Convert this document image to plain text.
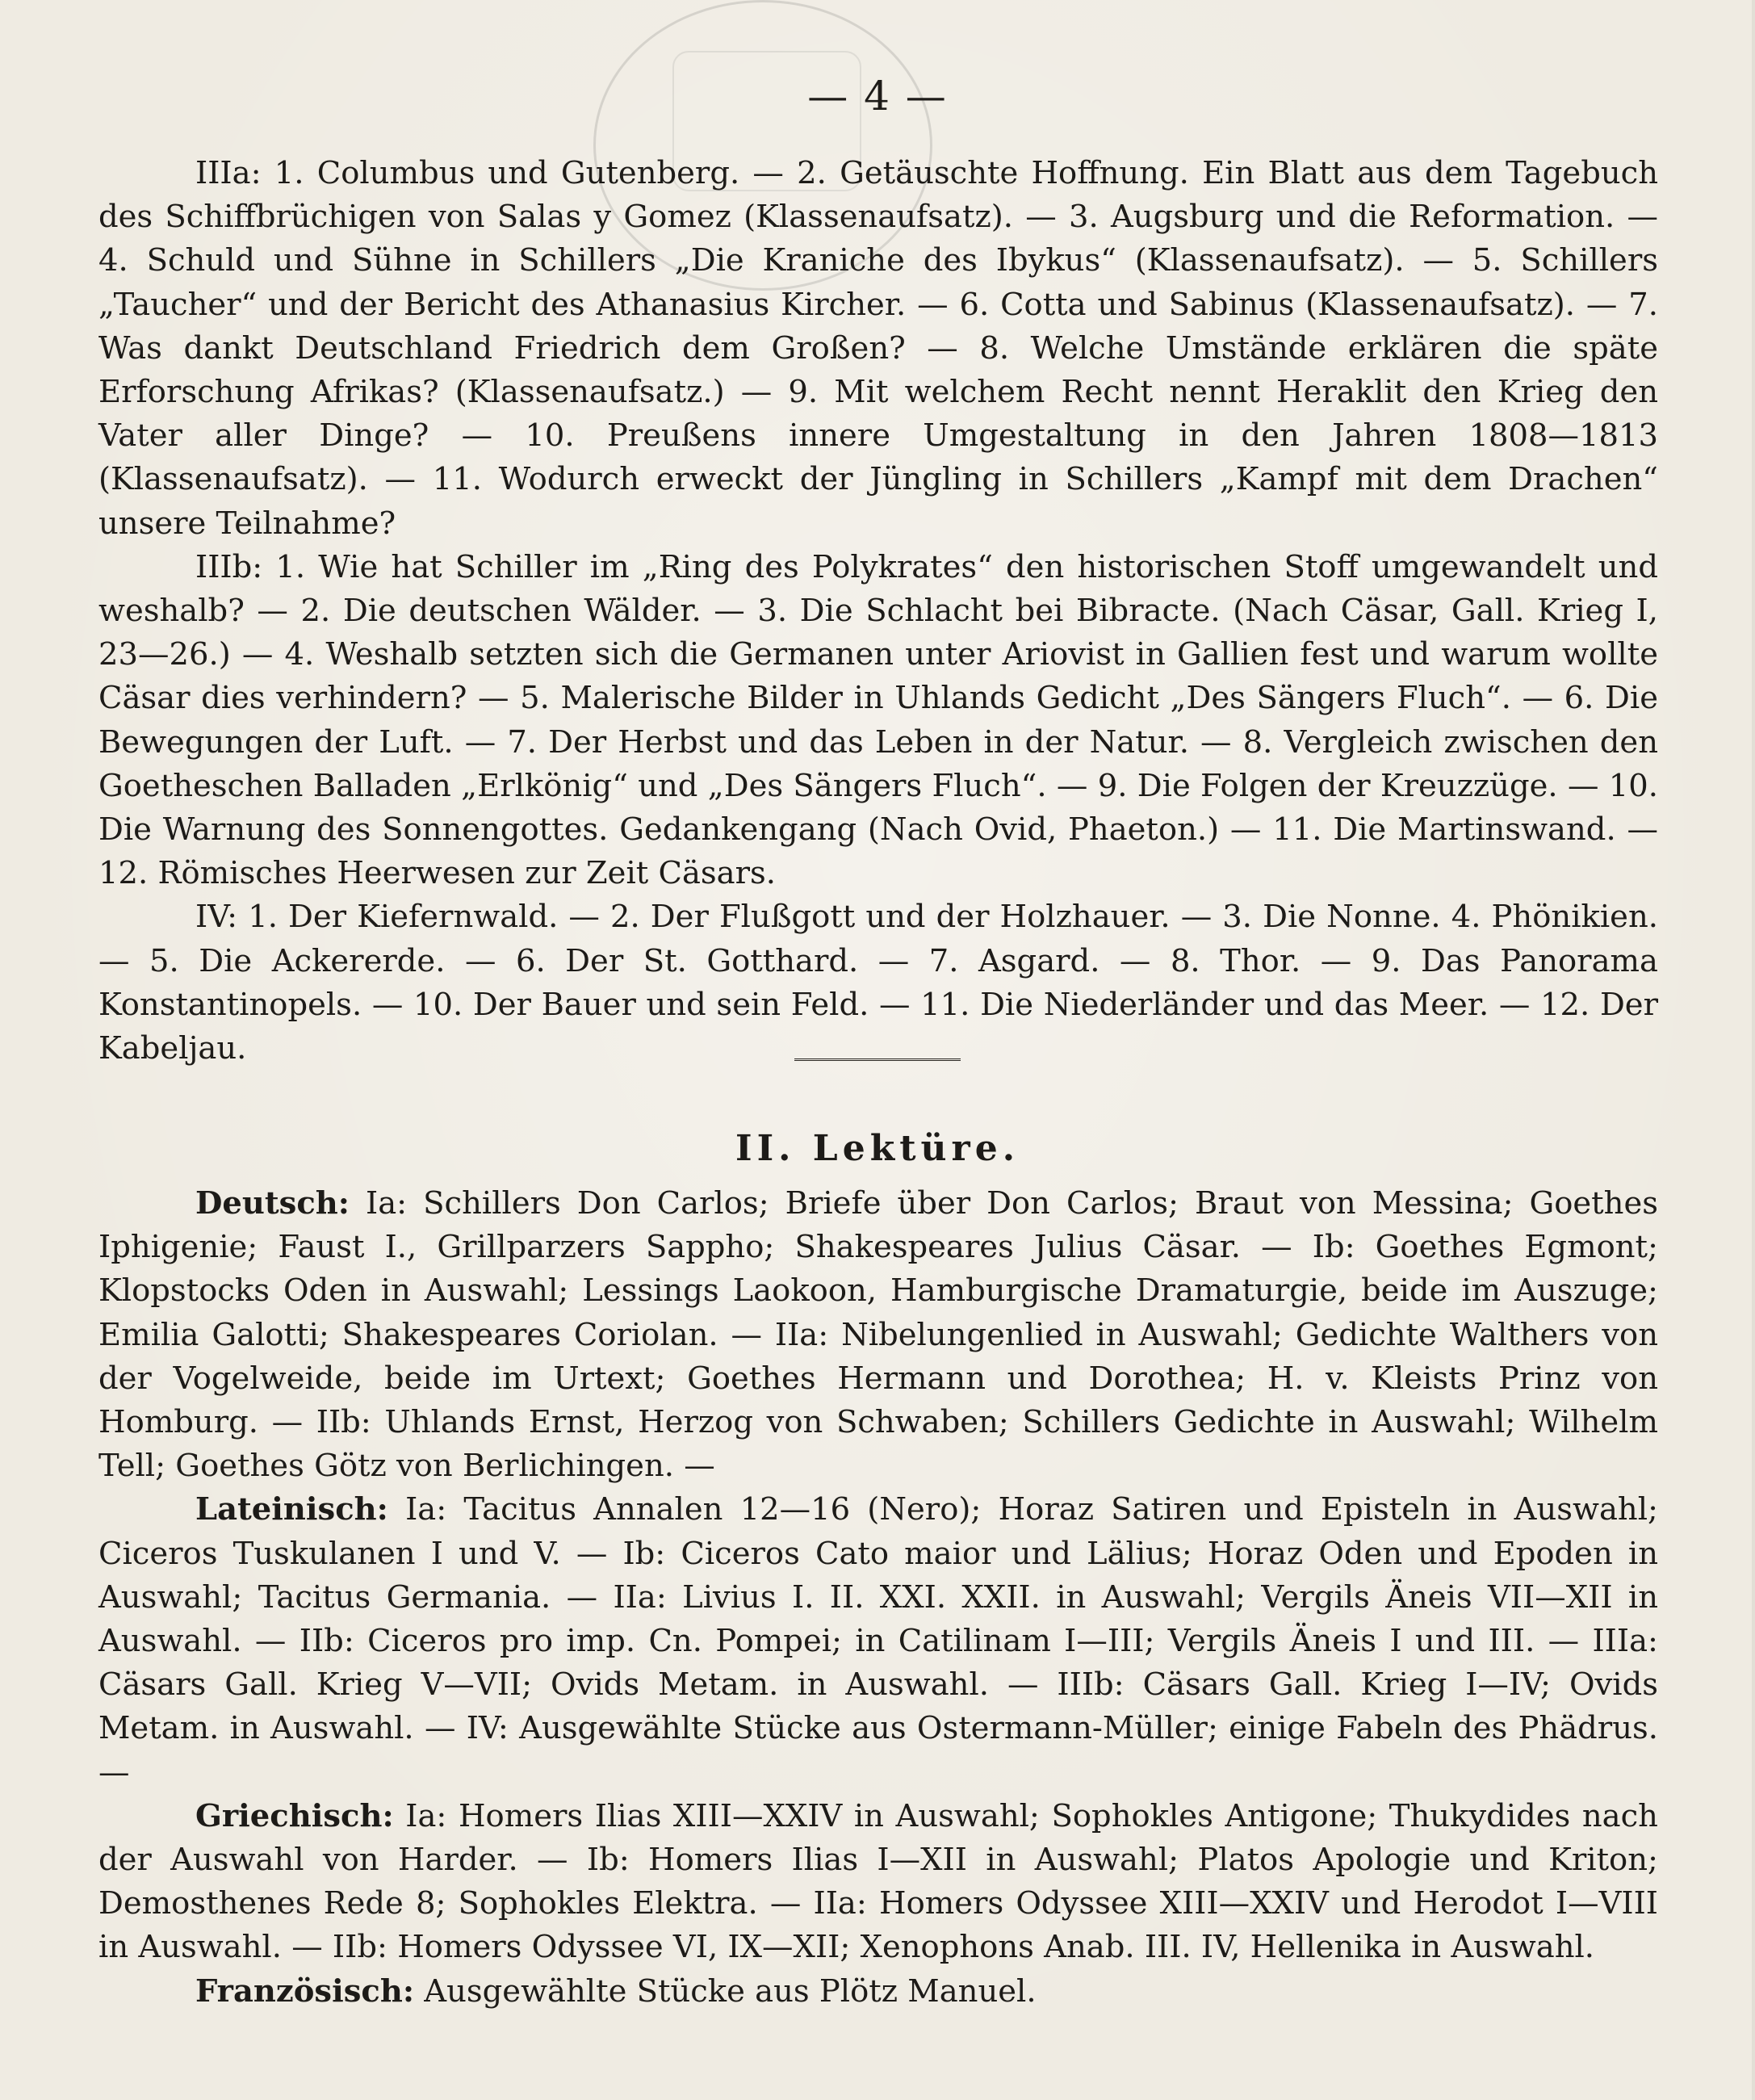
— 4 —

IIIa: 1. Columbus und Gutenberg. — 2. Getäuschte Hoffnung. Ein Blatt aus dem Tagebuch des Schiffbrüchigen von Salas y Gomez (Klassenaufsatz). — 3. Augsburg und die Reformation. — 4. Schuld und Sühne in Schillers „Die Kraniche des Ibykus“ (Klassenaufsatz). — 5. Schillers „Taucher“ und der Bericht des Athanasius Kircher. — 6. Cotta und Sabinus (Klassenaufsatz). — 7. Was dankt Deutschland Friedrich dem Großen? — 8. Welche Umstände erklären die späte Erforschung Afrikas? (Klassenaufsatz.) — 9. Mit welchem Recht nennt Heraklit den Krieg den Vater aller Dinge? — 10. Preußens innere Umgestaltung in den Jahren 1808—1813 (Klassenaufsatz). — 11. Wodurch erweckt der Jüngling in Schillers „Kampf mit dem Drachen“ unsere Teilnahme?

IIIb: 1. Wie hat Schiller im „Ring des Polykrates“ den historischen Stoff umgewandelt und weshalb? — 2. Die deutschen Wälder. — 3. Die Schlacht bei Bibracte. (Nach Cäsar, Gall. Krieg I, 23—26.) — 4. Weshalb setzten sich die Germanen unter Ariovist in Gallien fest und warum wollte Cäsar dies verhindern? — 5. Malerische Bilder in Uhlands Gedicht „Des Sängers Fluch“. — 6. Die Bewegungen der Luft. — 7. Der Herbst und das Leben in der Natur. — 8. Vergleich zwischen den Goetheschen Balladen „Erlkönig“ und „Des Sängers Fluch“. — 9. Die Folgen der Kreuzzüge. — 10. Die Warnung des Sonnengottes. Gedankengang (Nach Ovid, Phaeton.) — 11. Die Martinswand. — 12. Römisches Heerwesen zur Zeit Cäsars.

IV: 1. Der Kiefernwald. — 2. Der Flußgott und der Holzhauer. — 3. Die Nonne. 4. Phönikien. — 5. Die Ackererde. — 6. Der St. Gotthard. — 7. Asgard. — 8. Thor. — 9. Das Panorama Konstantinopels. — 10. Der Bauer und sein Feld. — 11. Die Niederländer und das Meer. — 12. Der Kabeljau.

II. Lektüre.

Deutsch: Ia: Schillers Don Carlos; Briefe über Don Carlos; Braut von Messina; Goethes Iphigenie; Faust I., Grillparzers Sappho; Shakespeares Julius Cäsar. — Ib: Goethes Egmont; Klopstocks Oden in Auswahl; Lessings Laokoon, Hamburgische Dramaturgie, beide im Auszuge; Emilia Galotti; Shakespeares Coriolan. — IIa: Nibelungenlied in Auswahl; Gedichte Walthers von der Vogelweide, beide im Urtext; Goethes Hermann und Dorothea; H. v. Kleists Prinz von Homburg. — IIb: Uhlands Ernst, Herzog von Schwaben; Schillers Gedichte in Auswahl; Wilhelm Tell; Goethes Götz von Berlichingen. —

Lateinisch: Ia: Tacitus Annalen 12—16 (Nero); Horaz Satiren und Episteln in Auswahl; Ciceros Tuskulanen I und V. — Ib: Ciceros Cato maior und Lälius; Horaz Oden und Epoden in Auswahl; Tacitus Germania. — IIa: Livius I. II. XXI. XXII. in Auswahl; Vergils Äneis VII—XII in Auswahl. — IIb: Ciceros pro imp. Cn. Pompei; in Catilinam I—III; Vergils Äneis I und III. — IIIa: Cäsars Gall. Krieg V—VII; Ovids Metam. in Auswahl. — IIIb: Cäsars Gall. Krieg I—IV; Ovids Metam. in Auswahl. — IV: Ausgewählte Stücke aus Ostermann-Müller; einige Fabeln des Phädrus. —

Griechisch: Ia: Homers Ilias XIII—XXIV in Auswahl; Sophokles Antigone; Thukydides nach der Auswahl von Harder. — Ib: Homers Ilias I—XII in Auswahl; Platos Apologie und Kriton; Demosthenes Rede 8; Sophokles Elektra. — IIa: Homers Odyssee XIII—XXIV und Herodot I—VIII in Auswahl. — IIb: Homers Odyssee VI, IX—XII; Xenophons Anab. III. IV, Hellenika in Auswahl.

Französisch: Ausgewählte Stücke aus Plötz Manuel.
